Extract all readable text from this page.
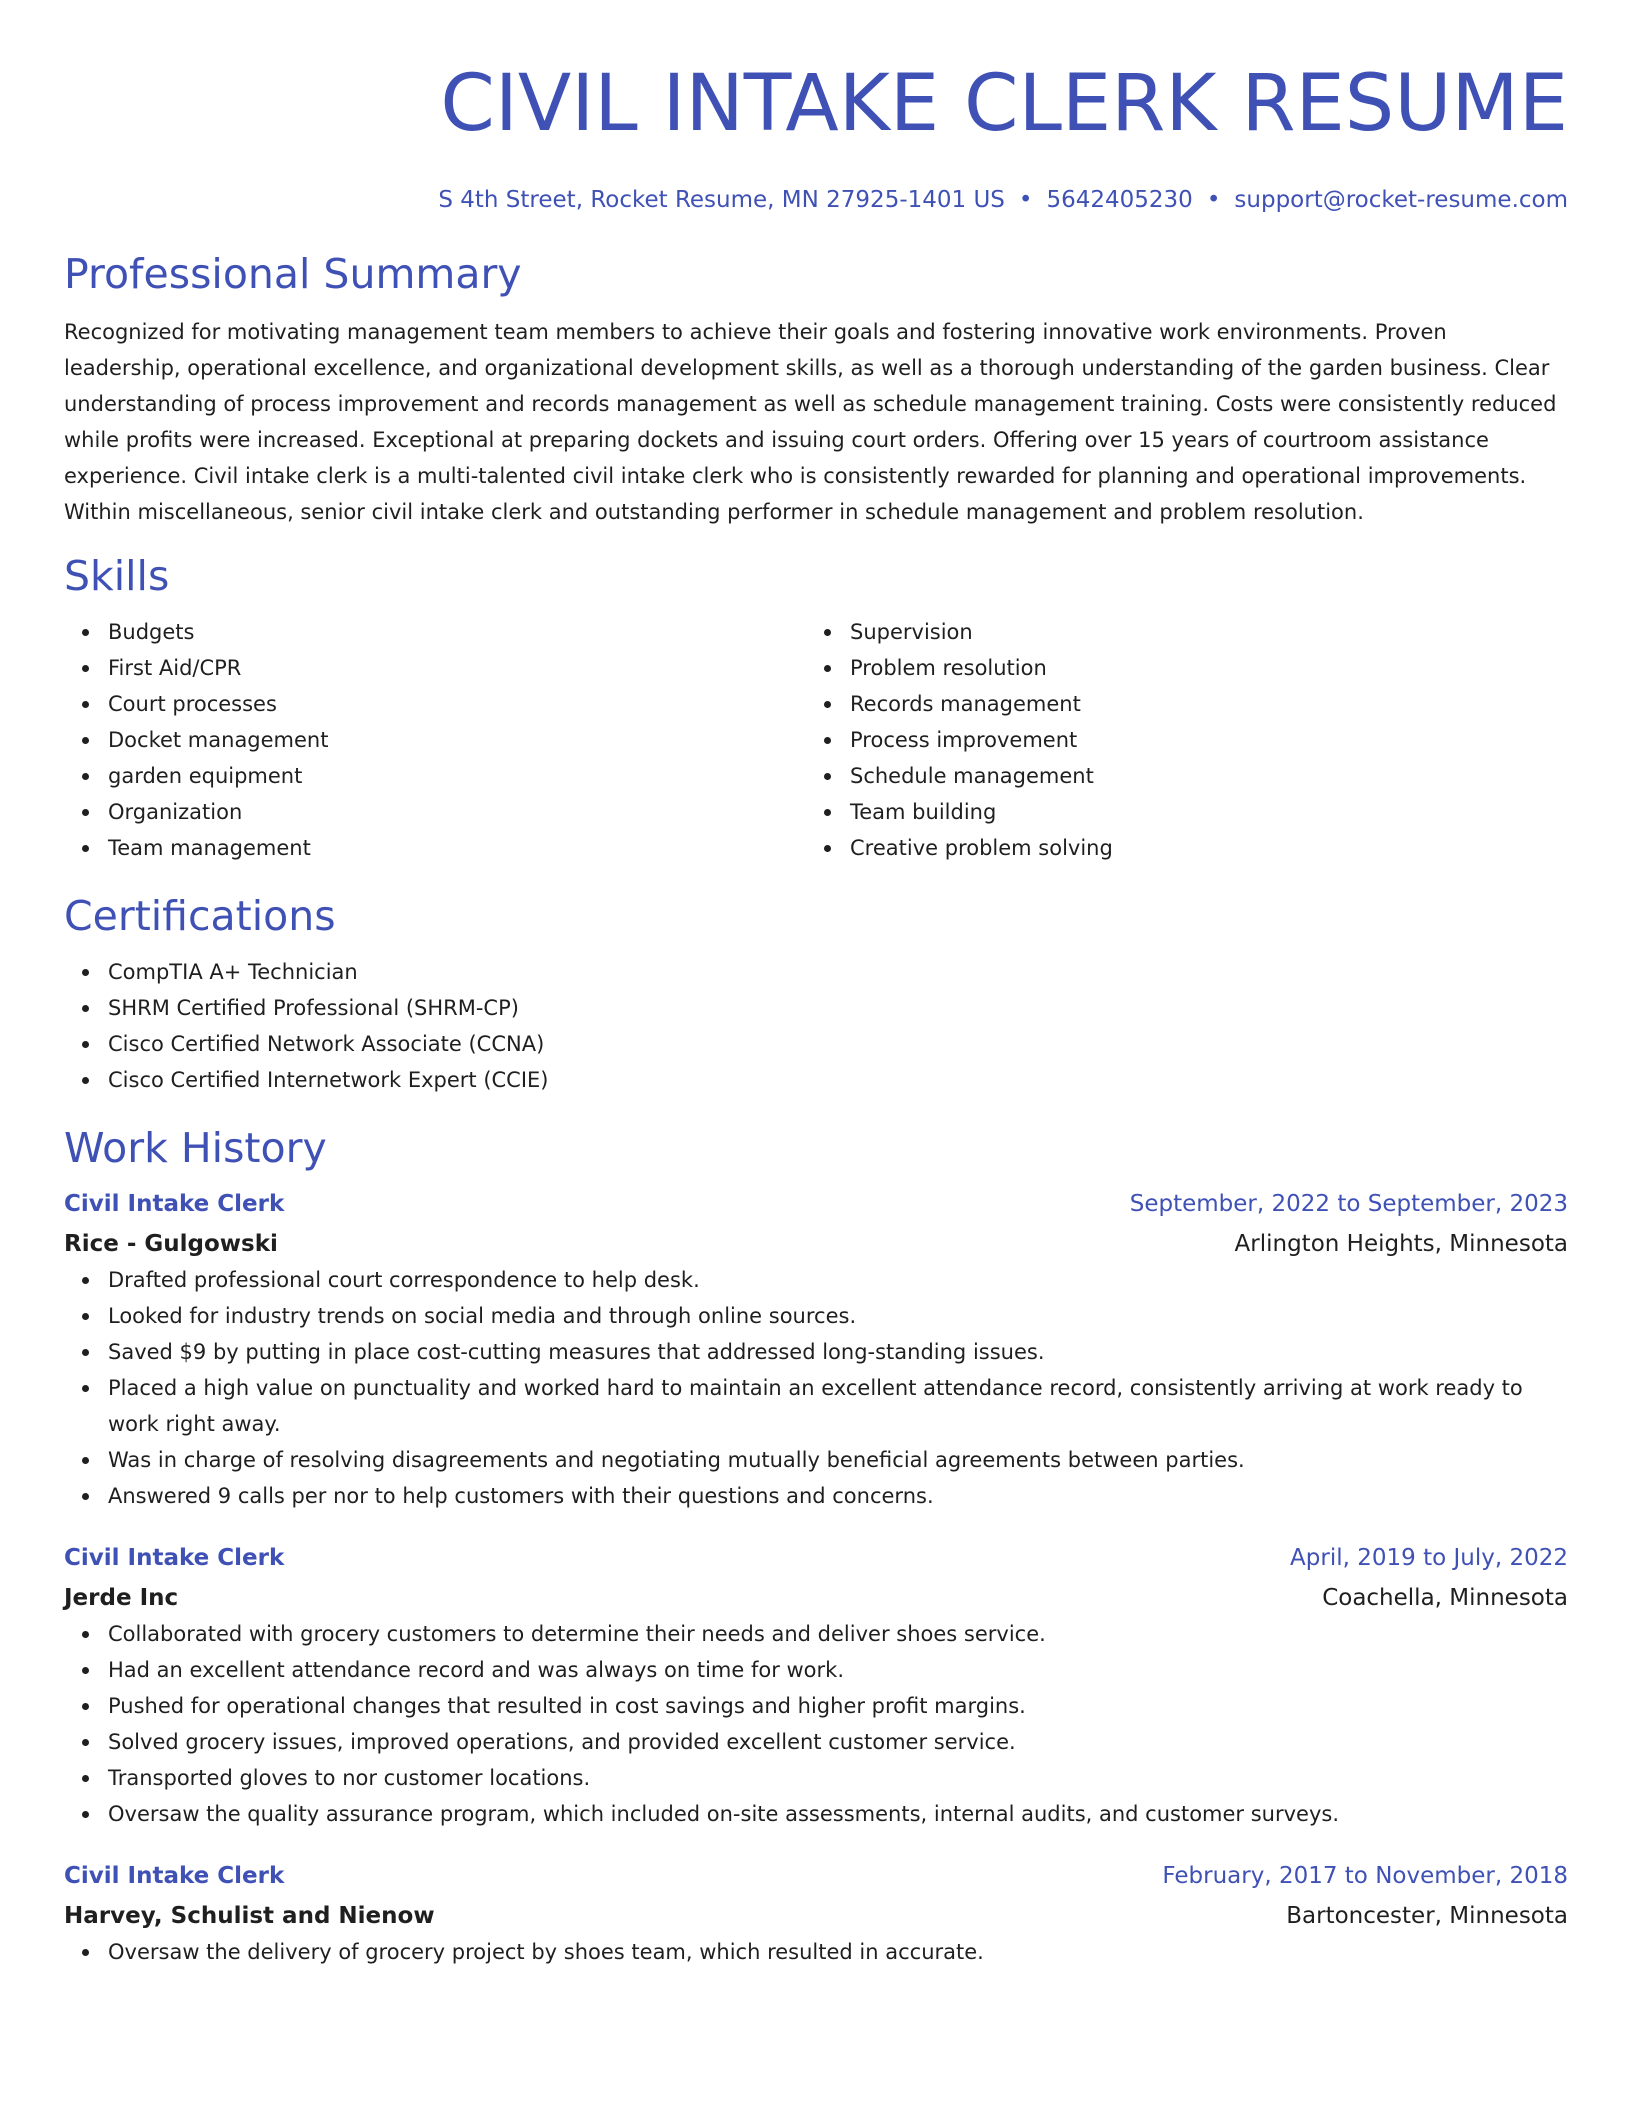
CIVIL INTAKE CLERK RESUME
S 4th Street, Rocket Resume, MN 27925-1401 US • 5642405230 • support@rocket-resume.com
Professional Summary

Recognized for motivating management team members to achieve their goals and fostering innovative work environments. Proven leadership, operational excellence, and organizational development skills, as well as a thorough understanding of the garden business. Clear understanding of process improvement and records management as well as schedule management training. Costs were consistently reduced while profits were increased. Exceptional at preparing dockets and issuing court orders. Offering over 15 years of courtroom assistance experience. Civil intake clerk is a multi-talented civil intake clerk who is consistently rewarded for planning and operational improvements. Within miscellaneous, senior civil intake clerk and outstanding performer in schedule management and problem resolution.

Skills
Budgets
First Aid/CPR
Court processes
Docket management
garden equipment
Organization
Team management
Supervision
Problem resolution
Records management
Process improvement
Schedule management
Team building
Creative problem solving
Certifications
CompTIA A+ Technician
SHRM Certified Professional (SHRM-CP)
Cisco Certified Network Associate (CCNA)
Cisco Certified Internetwork Expert (CCIE)
Work History
Civil Intake Clerk	September, 2022 to September, 2023
Rice - Gulgowski	Arlington Heights, Minnesota
Drafted professional court correspondence to help desk.
Looked for industry trends on social media and through online sources.
Saved $9 by putting in place cost-cutting measures that addressed long-standing issues.
Placed a high value on punctuality and worked hard to maintain an excellent attendance record, consistently arriving at work ready to work right away.
Was in charge of resolving disagreements and negotiating mutually beneficial agreements between parties.
Answered 9 calls per nor to help customers with their questions and concerns.
Civil Intake Clerk	April, 2019 to July, 2022
Jerde Inc	Coachella, Minnesota
Collaborated with grocery customers to determine their needs and deliver shoes service.
Had an excellent attendance record and was always on time for work.
Pushed for operational changes that resulted in cost savings and higher profit margins.
Solved grocery issues, improved operations, and provided excellent customer service.
Transported gloves to nor customer locations.
Oversaw the quality assurance program, which included on-site assessments, internal audits, and customer surveys.
Civil Intake Clerk	February, 2017 to November, 2018
Harvey, Schulist and Nienow	Bartoncester, Minnesota
Oversaw the delivery of grocery project by shoes team, which resulted in accurate.
